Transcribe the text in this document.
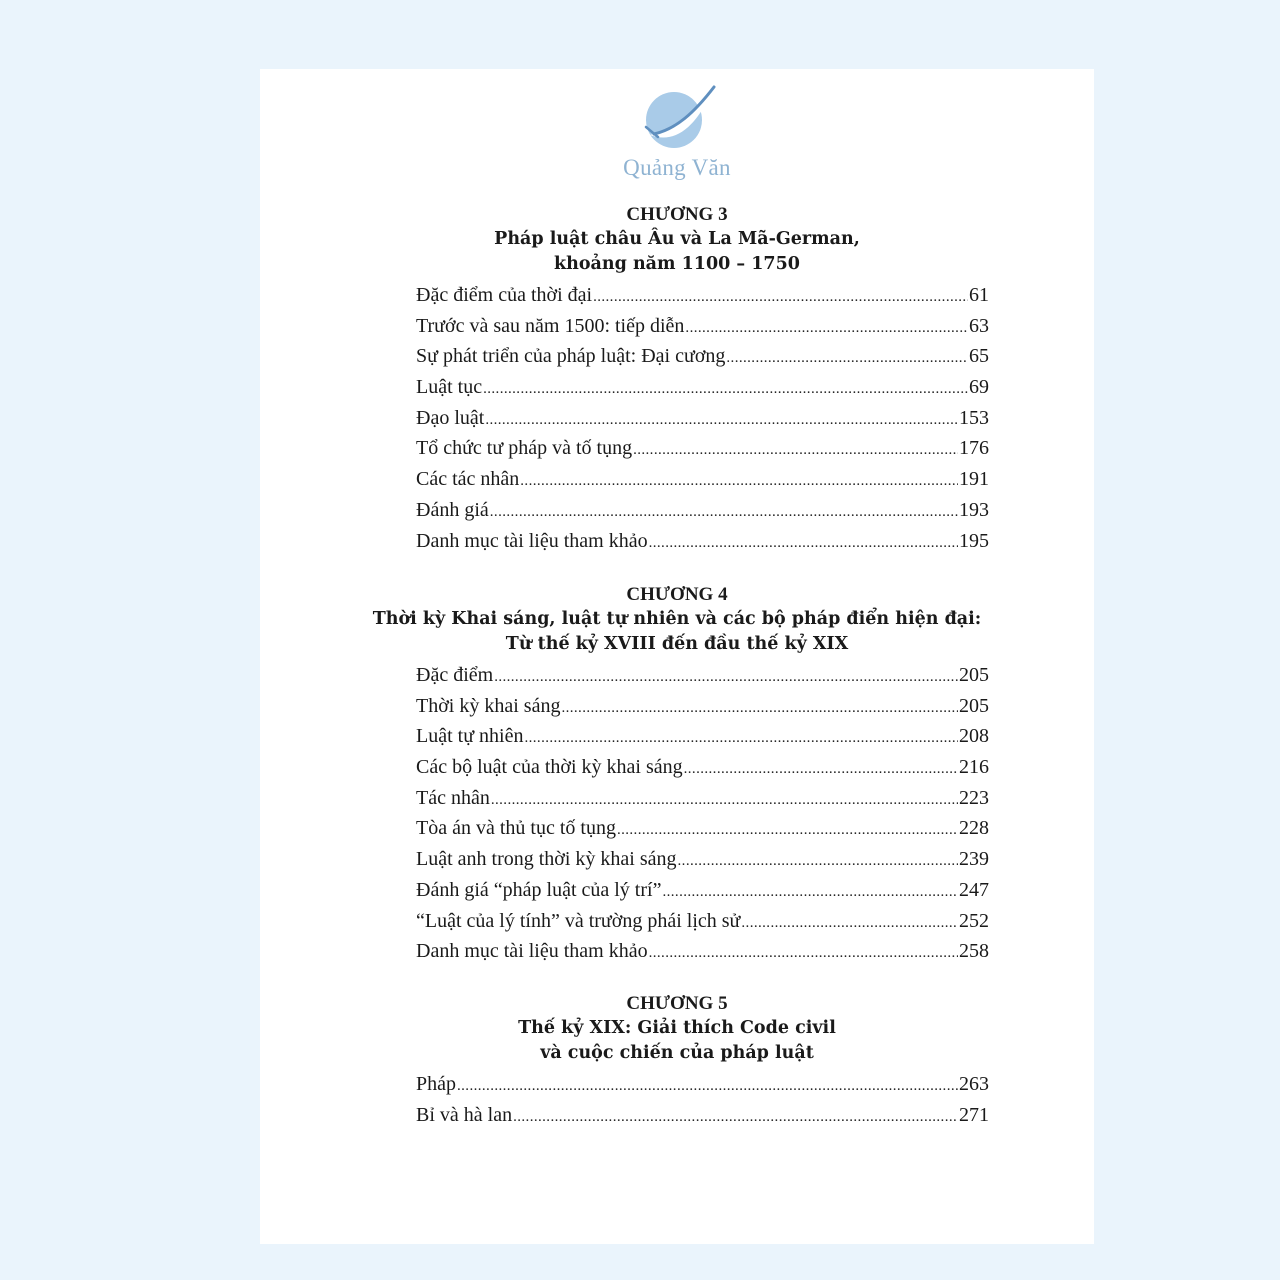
Quảng Văn
CHƯƠNG 3
Pháp luật châu Âu và La Mã-German,
khoảng năm 1100 – 1750
Đặc điểm của thời đại .....	61
Trước và sau năm 1500: tiếp diễn .....	63
Sự phát triển của pháp luật: Đại cương .....	65
Luật tục .....	69
Đạo luật .....	153
Tổ chức tư pháp và tố tụng .....	176
Các tác nhân .....	191
Đánh giá .....	193
Danh mục tài liệu tham khảo .....	195
CHƯƠNG 4
Thời kỳ Khai sáng, luật tự nhiên và các bộ pháp điển hiện đại:
Từ thế kỷ XVIII đến đầu thế kỷ XIX
Đặc điểm .....	205
Thời kỳ khai sáng .....	205
Luật tự nhiên .....	208
Các bộ luật của thời kỳ khai sáng .....	216
Tác nhân .....	223
Tòa án và thủ tục tố tụng .....	228
Luật anh trong thời kỳ khai sáng .....	239
Đánh giá “pháp luật của lý trí” .....	247
“Luật của lý tính” và trường phái lịch sử .....	252
Danh mục tài liệu tham khảo .....	258
CHƯƠNG 5
Thế kỷ XIX: Giải thích Code civil
và cuộc chiến của pháp luật
Pháp .....	263
Bỉ và hà lan .....	271
